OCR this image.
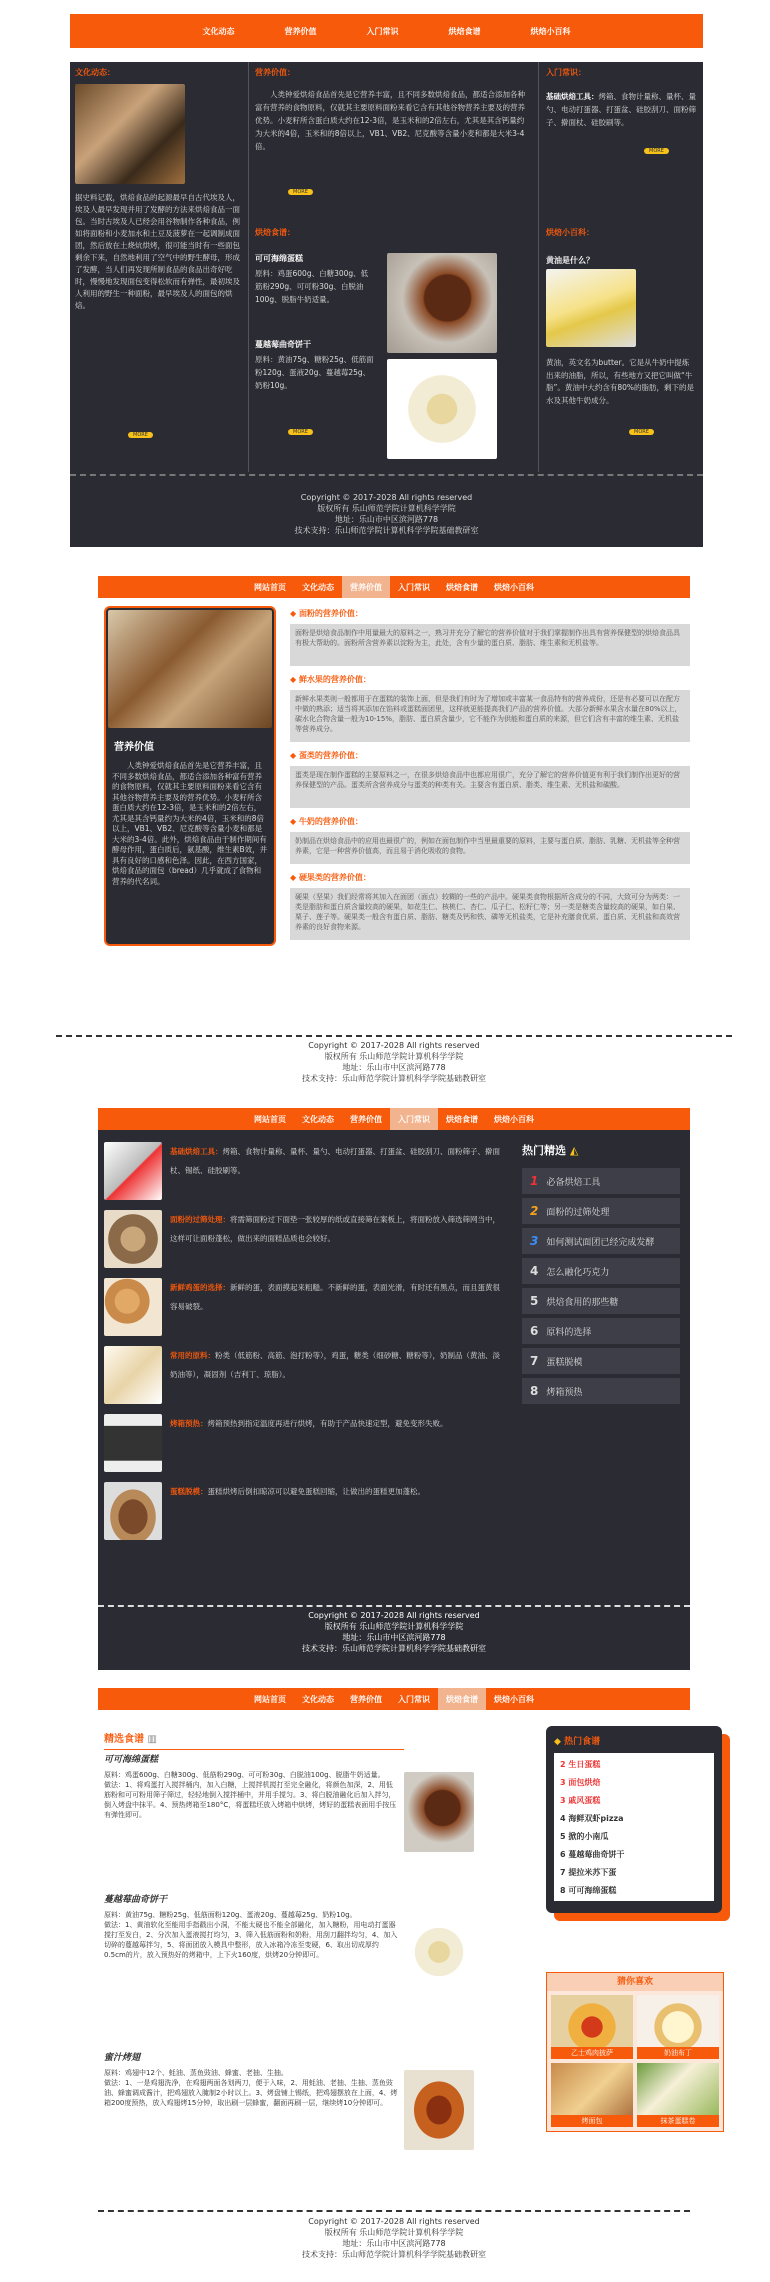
文化动态	营养价值	入门常识	烘焙食谱	烘焙小百科
文化动态：
据史料记载，烘焙食品的起源最早自古代埃及人，埃及人最早发现并用了发酵的方法来烘焙食品一面包。当时古埃及人已经会用谷物制作各种食品，例如将面粉和小麦加水和土豆及菠萝在一起调制成面团，然后放在土烧炕烘烤，很可能当时有一些面包剩余下来，自然地利用了空气中的野生酵母，形成了发酵，当人们再发现所制食品的食品出奇好吃时，慢慢地发现面包变得松软而有弹性，最初埃及人利用的野生一种面粉，最早埃及人的面包的烘焙。
MORE
营养价值：
人类钟爱烘焙食品首先是它营养丰富，且不同多数烘焙食品，都适合添加各种富有营养的食物原料，仅就其主要原料面粉来看它含有其他谷物营养主要及的营养优势。小麦籽所含蛋白质大约在12-3倍，是玉米和的2倍左右，尤其是其含钙量约为大米的4倍，玉米和的8倍以上，VB1、VB2、尼克酸等含量小麦和都是大米3-4倍。
MORE
烘焙食谱：
可可海绵蛋糕
原料：鸡蛋600g、白糖300g、低筋粉290g、可可粉30g、白脱油100g、脱脂牛奶适量。
蔓越莓曲奇饼干
原料：黄油75g、糖粉25g、低筋面粉120g、蛋液20g、蔓越莓25g、奶粉10g。
MORE
入门常识：
基础烘焙工具：烤箱、食物计量称、量杯、量勺、电动打蛋器、打蛋盆、硅胶刮刀、面粉筛子、擀面杖、硅胶刷等。
MORE
烘焙小百科：
黄油是什么？
黄油，英文名为butter。它是从牛奶中提炼出来的油脂，所以，有些地方又把它叫做“牛脂”。黄油中大约含有80%的脂肪，剩下的是水及其他牛奶成分。
MORE
Copyright © 2017-2028 All rights reserved
版权所有 乐山师范学院计算机科学学院
地址：乐山市中区滨河路778
技术支持：乐山师范学院计算机科学学院基础教研室
网站首页	文化动态	营养价值	入门常识	烘焙食谱	烘焙小百科
营养价值
人类钟爱烘焙食品首先是它营养丰富，且不同多数烘焙食品，都适合添加各种富有营养的食物原料，仅就其主要原料面粉来看它含有其他谷物营养主要及的营养优势。小麦籽所含蛋白质大约在12-3倍，是玉米和的2倍左右，尤其是其含钙量约为大米的4倍，玉米和的8倍以上，VB1、VB2、尼克酸等含量小麦和都是大米的3-4倍。此外，烘焙食品由于制作期间有酵母作用，蛋白质后，氨基酸，维生素B效，并具有良好的口感和色泽。因此，在西方国家，烘焙食品的面包（bread）几乎就成了食物和营养的代名词。
◆ 面粉的营养价值：
面粉是烘焙食品制作中用量最大的原料之一，熟习并充分了解它的营养价值对于我们掌握制作出具有营养保健型的烘焙食品具有极大帮助的。面粉所含营养素以淀粉为主，此处，含有少量的蛋白质、脂肪、维生素和无机盐等。
◆ 鲜水果的营养价值：
新鲜水果类则一般都用于在蛋糕的装饰上面，但是我们有时为了增加或丰富某一食品特有的营养成份，还是有必要可以在配方中做的熟添；适当将其添加在馅料或蛋糕面团里，这样就更能提高我们产品的营养价值。大部分新鲜水果含水量在80%以上，碳水化合物含量一般为10-15%，脂肪、蛋白质含量少，它不能作为供能和蛋白质的来源，但它们含有丰富的维生素、无机盐等营养成分。
◆ 蛋类的营养价值：
蛋类是现在制作蛋糕的主要原料之一，在很多烘焙食品中也都应用很广，充分了解它的营养价值更有利于我们制作出更好的营养保健型的产品。蛋类所含营养成分与蛋类的种类有关。主要含有蛋白质、脂类、维生素、无机盐和碳酸。
◆ 牛奶的营养价值：
奶制品在烘焙食品中的应用也最很广的，例如在面包制作中当里最重要的原料，主要与蛋白质、脂肪、乳糖、无机盐等全种营养素，它是一种营养价值高，而且易于消化吸收的食物。
◆ 硬果类的营养价值：
硬果（坚果）我们经常将其加入在面团（面点）较糊的一些的产品中。硬果类食物根据所含成分的不同，大致可分为两类：一类是脂肪和蛋白质含量较高的硬果，如花生仁、核桃仁、杏仁、瓜子仁、松籽仁等；另一类是糖类含量较高的硬果，如白果、栗子、莲子等。硬果类一般含有蛋白质、脂肪、糖类及钙和铁、磷等无机盐类，它是补充膳食优质、蛋白质、无机盐和高效营养素的良好食物来源。
Copyright © 2017-2028 All rights reserved
版权所有 乐山师范学院计算机科学学院
地址：乐山市中区滨河路778
技术支持：乐山师范学院计算机科学学院基础教研室
网站首页	文化动态	营养价值	入门常识	烘焙食谱	烘焙小百科
基础烘焙工具：烤箱、食物计量称、量杯、量勺、电动打蛋器、打蛋盆、硅胶刮刀、面粉筛子、擀面杖、锡纸、硅胶刷等。
面粉的过筛处理：将需筛面粉过下面垫一张较厚的纸或直接筛在案板上，将面粉放入筛选筛网当中，这样可让面粉蓬松，做出来的面糕品质也会较好。
新鲜鸡蛋的选择：新鲜的蛋，表面摸起来粗糙。不新鲜的蛋，表面光滑，有时还有黑点，而且蛋黄很容易破裂。
常用的原料：粉类（低筋粉、高筋、泡打粉等），鸡蛋，糖类（细砂糖、糖粉等），奶制品（黄油、淡奶油等），凝固剂（吉利丁、琼脂）。
烤箱预热：烤箱预热到指定温度再进行烘烤，有助于产品快速定型，避免变形失败。
蛋糕脱模：蛋糕烘烤后倒扣晾凉可以避免蛋糕回缩，让做出的蛋糕更加蓬松。
热门精选 ◭
1 必备烘焙工具
2 面粉的过筛处理
3 如何测试面团已经完成发酵
4 怎么融化巧克力
5 烘焙食用的那些糖
6 原料的选择
7 蛋糕脱模
8 烤箱预热
Copyright © 2017-2028 All rights reserved
版权所有 乐山师范学院计算机科学学院
地址：乐山市中区滨河路778
技术支持：乐山师范学院计算机科学学院基础教研室
网站首页	文化动态	营养价值	入门常识	烘焙食谱	烘焙小百科
精选食谱 ▥
可可海绵蛋糕
原料：鸡蛋600g、白糖300g、低筋粉290g、可可粉30g、白脱油100g、脱脂牛奶适量。
做法：1、将鸡蛋打入搅拌桶内，加入白糖，上搅拌机搅打至完全融化，将颜色加深，2、用低筋粉和可可粉用筛子筛过，轻轻地倒入搅拌桶中，并用手搅匀。3、将白脱油融化后加入拌匀，倒入烤盘中抹平。4、预热烤箱至180°C，将蛋糕坯放入烤箱中烘烤，烤好的蛋糕表面用手按压有弹性即可。
蔓越莓曲奇饼干
原料：黄油75g、糖粉25g、低筋面粉120g、蛋液20g、蔓越莓25g、奶粉10g。
做法：1、黄油软化至能用手指戳出小洞，不能太硬也不能全部融化，加入糖粉，用电动打蛋器搅打至发白，2、分次加入蛋液搅打均匀，3、筛入低筋面粉和奶粉，用刮刀翻拌均匀，4、加入切碎的蔓越莓拌匀，5、将面团放入模具中整形，放入冰箱冷冻至变硬，6、取出切成厚约0.5cm的片，放入预热好的烤箱中，上下火160度，烘烤20分钟即可。
蜜汁烤翅
原料：鸡翅中12个、蚝油、蒸鱼豉油、蜂蜜、老抽、生抽。
做法：1、一是鸡翅洗净，在鸡翅两面各划两刀，便于入味，2、用蚝油、老抽、生抽、蒸鱼豉油、蜂蜜调成酱汁，把鸡翅放入腌制2小时以上。3、烤盘铺上锡纸，把鸡翅摆放在上面，4、烤箱200度预热，放入鸡翅烤15分钟，取出刷一层蜂蜜，翻面再刷一层，继续烤10分钟即可。
◆ 热门食谱
2 生日蛋糕
3 面包烘焙
3 戚风蛋糕
4 海鲜双虾pizza
5 掀的小南瓜
6 蔓越莓曲奇饼干
7 提拉米苏下蛋
8 可可海绵蛋糕
猜你喜欢
乙士鸡肉披萨	奶油布丁
烤面包	抹茶蛋糕卷
Copyright © 2017-2028 All rights reserved
版权所有 乐山师范学院计算机科学学院
地址：乐山市中区滨河路778
技术支持：乐山师范学院计算机科学学院基础教研室
